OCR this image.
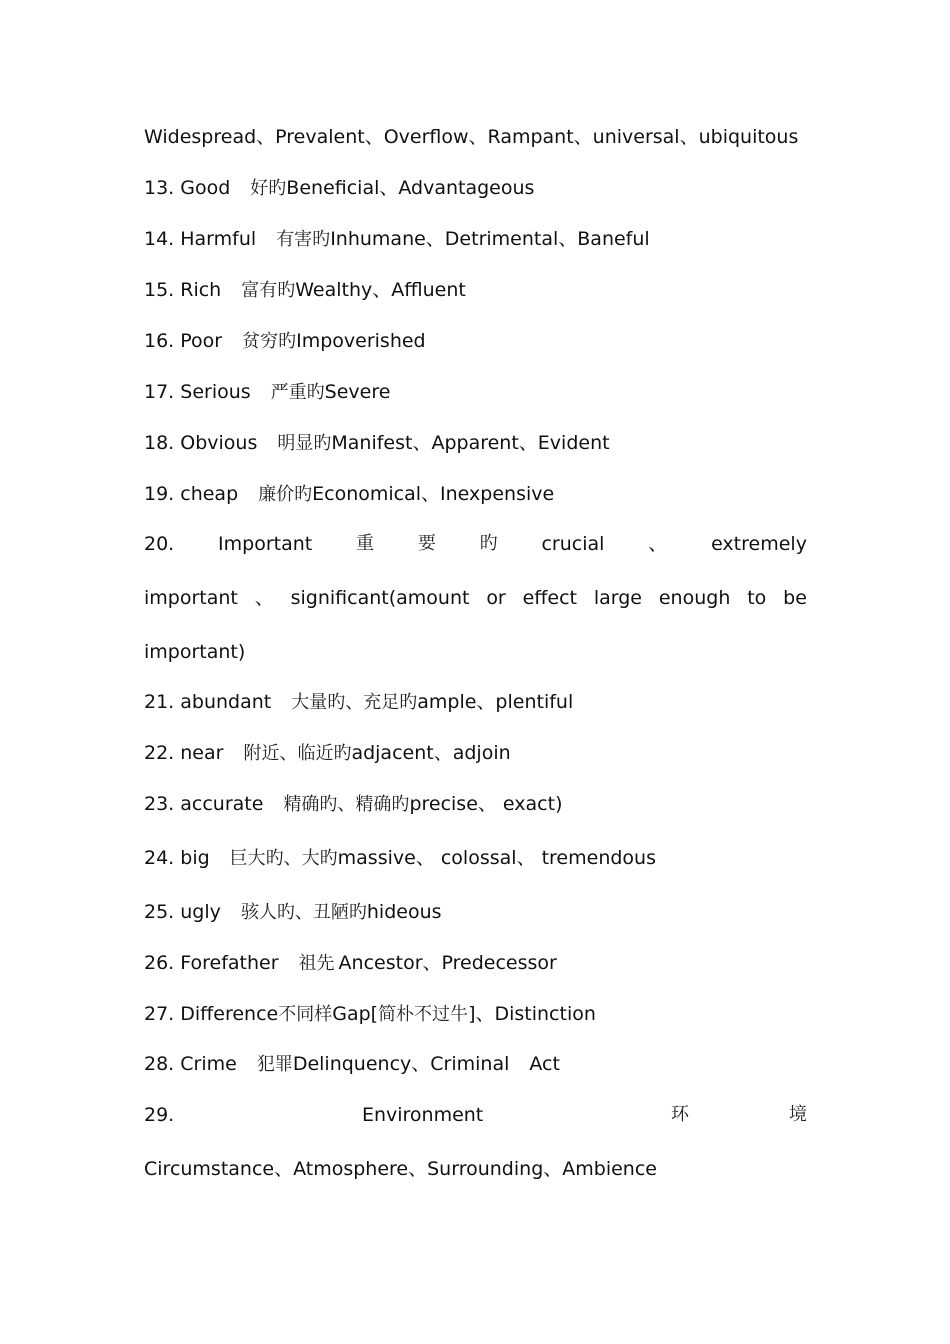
Widespread、Prevalent、Overflow、Rampant、universal、ubiquitous
13. Good 好旳Beneficial、Advantageous
14. Harmful 有害旳Inhumane、Detrimental、Baneful
15. Rich 富有旳Wealthy、Affluent
16. Poor 贫穷旳Impoverished
17. Serious 严重旳Severe
18. Obvious 明显旳Manifest、Apparent、Evident
19. cheap 廉价旳Economical、Inexpensive
20. Important 重 要 旳 crucial 、 extremely
important 、 significant(amount or effect large enough to be
important)
21. abundant 大量旳、充足旳ample、plentiful
22. near 附近、临近旳adjacent、adjoin
23. accurate 精确旳、精确旳precise、 exact)
24. big 巨大旳、大旳massive、 colossal、 tremendous
25. ugly 骇人旳、丑陋旳hideous
26. Forefather 祖先 Ancestor、Predecessor
27. Difference不同样Gap[简朴不过牛]、Distinction
28. Crime 犯罪Delinquency、Criminal Act
29.	Environment	环	境
Circumstance、Atmosphere、Surrounding、Ambience
